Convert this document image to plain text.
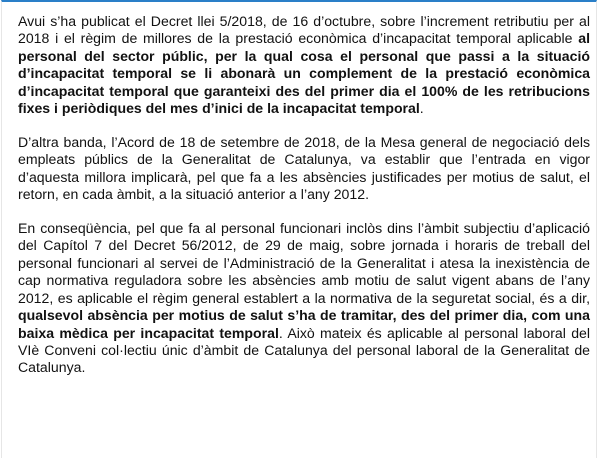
Avui s’ha publicat el Decret llei 5/2018, de 16 d’octubre, sobre l’increment retributiu per al 2018 i el règim de millores de la prestació econòmica d’incapacitat temporal aplicable al personal del sector públic, per la qual cosa el personal que passi a la situació d’incapacitat temporal se li abonarà un complement de la prestació econòmica d’incapacitat temporal que garanteixi des del primer dia el 100% de les retribucions fixes i periòdiques del mes d’inici de la incapacitat temporal.

D’altra banda, l’Acord de 18 de setembre de 2018, de la Mesa general de negociació dels empleats públics de la Generalitat de Catalunya, va establir que l’entrada en vigor d’aquesta millora implicarà, pel que fa a les absències justificades per motius de salut, el retorn, en cada àmbit, a la situació anterior a l’any 2012.

En conseqüència, pel que fa al personal funcionari inclòs dins l’àmbit subjectiu d’aplicació del Capítol 7 del Decret 56/2012, de 29 de maig, sobre jornada i horaris de treball del personal funcionari al servei de l’Administració de la Generalitat i atesa la inexistència de cap normativa reguladora sobre les absències amb motiu de salut vigent abans de l’any 2012, es aplicable el règim general establert a la normativa de la seguretat social, és a dir, qualsevol absència per motius de salut s’ha de tramitar, des del primer dia, com una baixa mèdica per incapacitat temporal. Això mateix és aplicable al personal laboral del VIè Conveni col·lectiu únic d’àmbit de Catalunya del personal laboral de la Generalitat de Catalunya.
